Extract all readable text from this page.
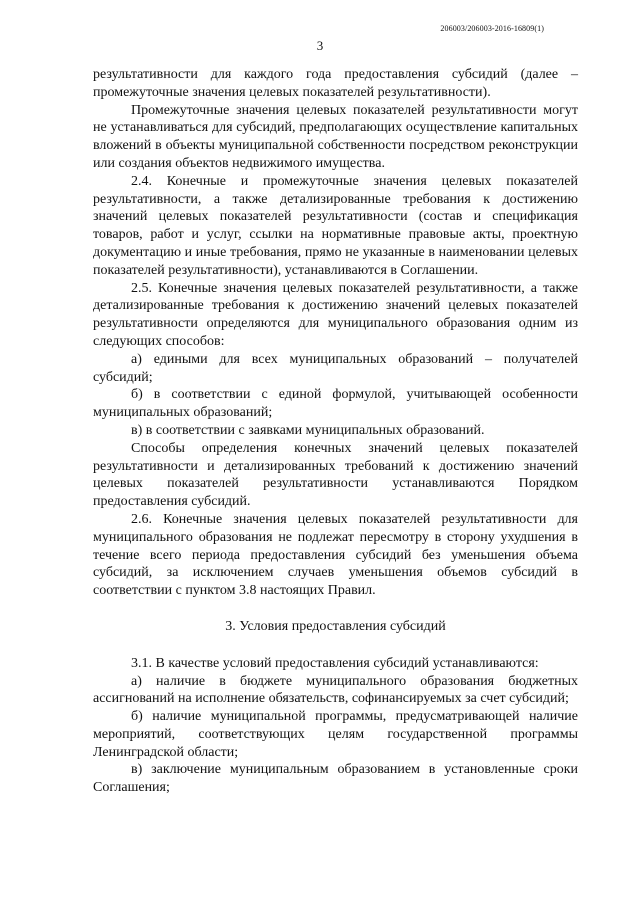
206003/206003-2016-16809(1)
3

результативности для каждого года предоставления субсидий (далее – промежуточные значения целевых показателей результативности).

Промежуточные значения целевых показателей результативности могут не устанавливаться для субсидий, предполагающих осуществление капитальных вложений в объекты муниципальной собственности посредством реконструкции или создания объектов недвижимого имущества.

2.4. Конечные и промежуточные значения целевых показателей результативности, а также детализированные требования к достижению значений целевых показателей результативности (состав и спецификация товаров, работ и услуг, ссылки на нормативные правовые акты, проектную документацию и иные требования, прямо не указанные в наименовании целевых показателей результативности), устанавливаются в Соглашении.

2.5. Конечные значения целевых показателей результативности, а также детализированные требования к достижению значений целевых показателей результативности определяются для муниципального образования одним из следующих способов:

а) едиными для всех муниципальных образований – получателей субсидий;

б) в соответствии с единой формулой, учитывающей особенности муниципальных образований;

в) в соответствии с заявками муниципальных образований.

Способы определения конечных значений целевых показателей результативности и детализированных требований к достижению значений целевых показателей результативности устанавливаются Порядком предоставления субсидий.

2.6. Конечные значения целевых показателей результативности для муниципального образования не подлежат пересмотру в сторону ухудшения в течение всего периода предоставления субсидий без уменьшения объема субсидий, за исключением случаев уменьшения объемов субсидий в соответствии с пунктом 3.8 настоящих Правил.

3. Условия предоставления субсидий

3.1. В качестве условий предоставления субсидий устанавливаются:

а) наличие в бюджете муниципального образования бюджетных ассигнований на исполнение обязательств, софинансируемых за счет субсидий;

б) наличие муниципальной программы, предусматривающей наличие мероприятий, соответствующих целям государственной программы Ленинградской области;

в) заключение муниципальным образованием в установленные сроки Соглашения;
